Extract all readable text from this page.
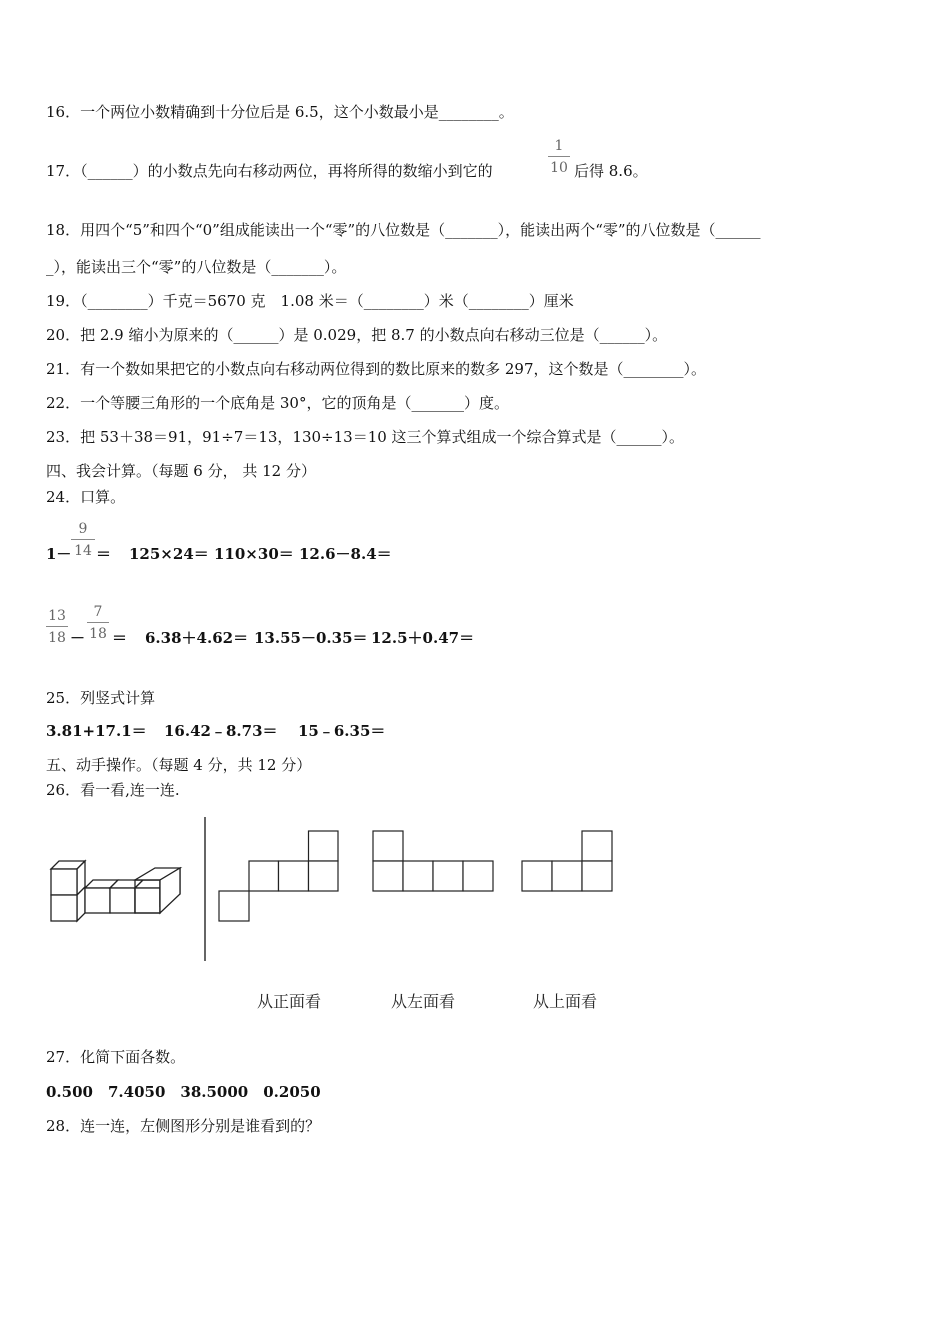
16．一个两位小数精确到十分位后是 6.5，这个小数最小是________。
17．（______）的小数点先向右移动两位，再将所得的数缩小到它的
1
10 后得 8.6。
18．用四个“5”和四个“0”组成能读出一个“零”的八位数是（_______），能读出两个“零”的八位数是（______
_），能读出三个“零”的八位数是（_______）。
19．（________）千克＝5670 克　1.08 米＝（________）米（________）厘米
20．把 2.9 缩小为原来的（______）是 0.029，把 8.7 的小数点向右移动三位是（______）。
21．有一个数如果把它的小数点向右移动两位得到的数比原来的数多 297，这个数是（________）。
22．一个等腰三角形的一个底角是 30°，它的顶角是（_______）度。
23．把 53＋38＝91，91÷7＝13，130÷13＝10 这三个算式组成一个综合算式是（______）。
四、我会计算。（每题 6 分， 共 12 分）
24．口算。
1－
9
14 ＝ 125×24＝ 110×30＝ 12.6－8.4＝
13
18 －
7
18 ＝ 6.38＋4.62＝ 13.55－0.35＝ 12.5＋0.47＝
25．列竖式计算
3.81+17.1＝ 16.42﹣8.73＝ 15﹣6.35＝
五、动手操作。（每题 4 分，共 12 分）
26．看一看,连一连.
从正面看	从左面看	从上面看
27．化简下面各数。
0.500　7.4050　38.5000　0.2050
28．连一连，左侧图形分别是谁看到的？
